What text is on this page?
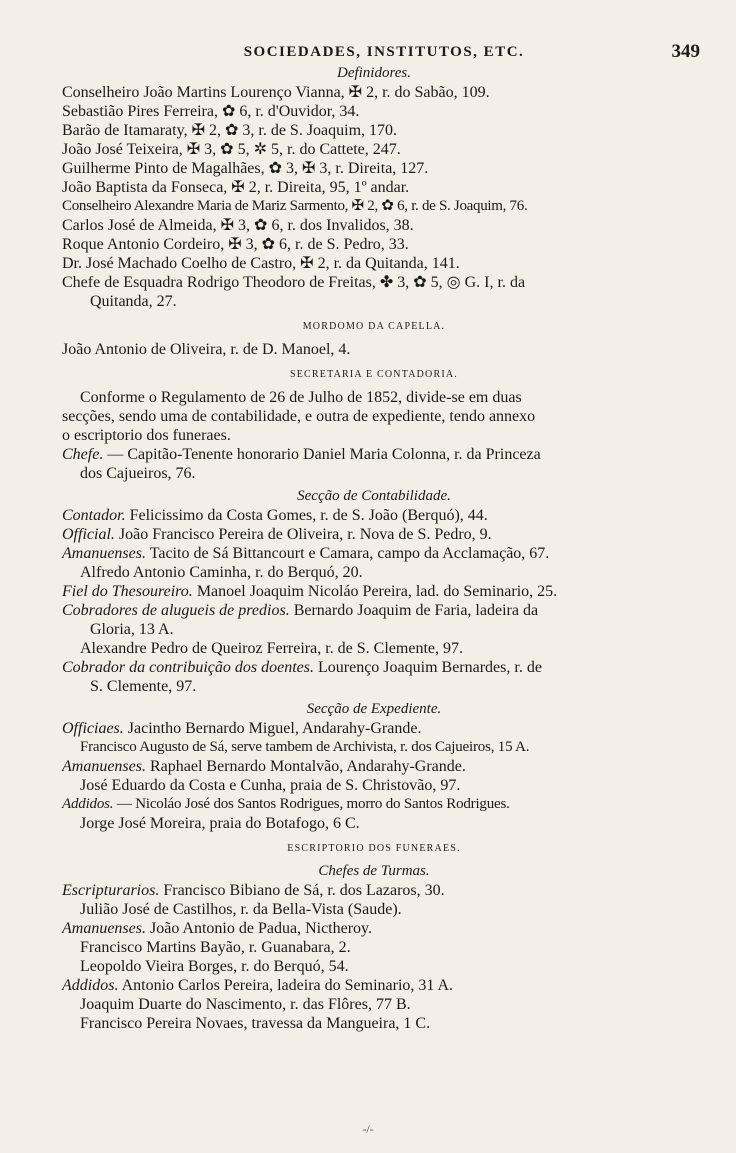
SOCIEDADES, INSTITUTOS, ETC.	349
Definidores.
Conselheiro João Martins Lourenço Vianna, ✠ 2, r. do Sabão, 109.
Sebastião Pires Ferreira, ✿ 6, r. d'Ouvidor, 34.
Barão de Itamaraty, ✠ 2, ✿ 3, r. de S. Joaquim, 170.
João José Teixeira, ✠ 3, ✿ 5, ✲ 5, r. do Cattete, 247.
Guilherme Pinto de Magalhães, ✿ 3, ✠ 3, r. Direita, 127.
João Baptista da Fonseca, ✠ 2, r. Direita, 95, 1º andar.
Conselheiro Alexandre Maria de Mariz Sarmento, ✠ 2, ✿ 6, r. de S. Joaquim, 76.
Carlos José de Almeida, ✠ 3, ✿ 6, r. dos Invalidos, 38.
Roque Antonio Cordeiro, ✠ 3, ✿ 6, r. de S. Pedro, 33.
Dr. José Machado Coelho de Castro, ✠ 2, r. da Quitanda, 141.
Chefe de Esquadra Rodrigo Theodoro de Freitas, ✤ 3, ✿ 5, ◎ G. I, r. da
Quitanda, 27.
MORDOMO DA CAPELLA.
João Antonio de Oliveira, r. de D. Manoel, 4.
SECRETARIA E CONTADORIA.
Conforme o Regulamento de 26 de Julho de 1852, divide-se em duas
secções, sendo uma de contabilidade, e outra de expediente, tendo annexo
o escriptorio dos funeraes.
Chefe. — Capitão-Tenente honorario Daniel Maria Colonna, r. da Princeza
dos Cajueiros, 76.
Secção de Contabilidade.
Contador. Felicissimo da Costa Gomes, r. de S. João (Berquó), 44.
Official. João Francisco Pereira de Oliveira, r. Nova de S. Pedro, 9.
Amanuenses. Tacito de Sá Bittancourt e Camara, campo da Acclamação, 67.
Alfredo Antonio Caminha, r. do Berquó, 20.
Fiel do Thesoureiro. Manoel Joaquim Nicoláo Pereira, lad. do Seminario, 25.
Cobradores de alugueis de predios. Bernardo Joaquim de Faria, ladeira da
Gloria, 13 A.
Alexandre Pedro de Queiroz Ferreira, r. de S. Clemente, 97.
Cobrador da contribuição dos doentes. Lourenço Joaquim Bernardes, r. de
S. Clemente, 97.
Secção de Expediente.
Officiaes. Jacintho Bernardo Miguel, Andarahy-Grande.
Francisco Augusto de Sá, serve tambem de Archivista, r. dos Cajueiros, 15 A.
Amanuenses. Raphael Bernardo Montalvão, Andarahy-Grande.
José Eduardo da Costa e Cunha, praia de S. Christovão, 97.
Addidos. — Nicoláo José dos Santos Rodrigues, morro do Santos Rodrigues.
Jorge José Moreira, praia do Botafogo, 6 C.
ESCRIPTORIO DOS FUNERAES.
Chefes de Turmas.
Escripturarios. Francisco Bibiano de Sá, r. dos Lazaros, 30.
Julião José de Castilhos, r. da Bella-Vista (Saude).
Amanuenses. João Antonio de Padua, Nictheroy.
Francisco Martins Bayão, r. Guanabara, 2.
Leopoldo Vieira Borges, r. do Berquó, 54.
Addidos. Antonio Carlos Pereira, ladeira do Seminario, 31 A.
Joaquim Duarte do Nascimento, r. das Flôres, 77 B.
Francisco Pereira Novaes, travessa da Mangueira, 1 C.
-/-
